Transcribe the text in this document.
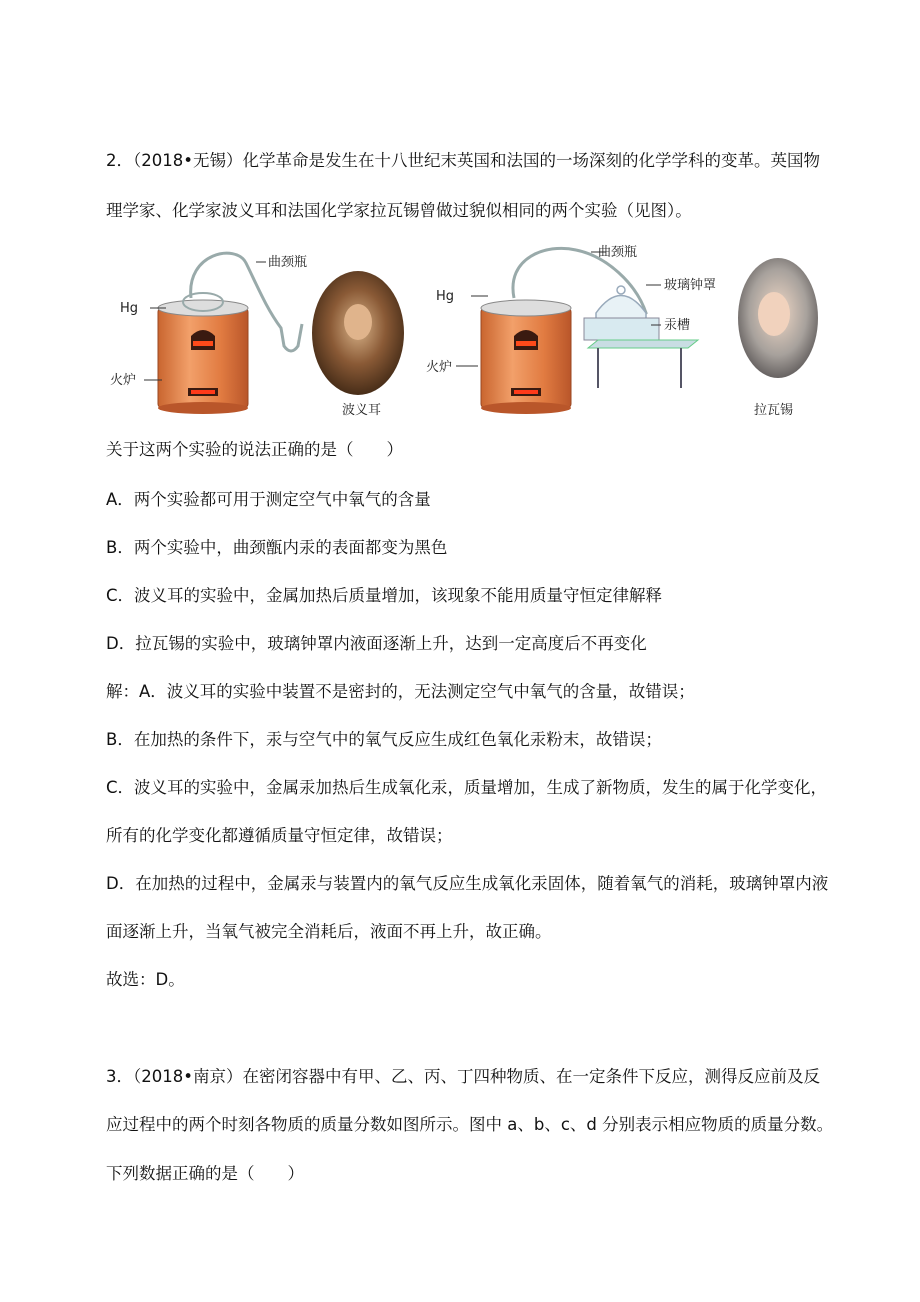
2．（2018•无锡）化学革命是发生在十八世纪末英国和法国的一场深刻的化学学科的变革。英国物
理学家、化学家波义耳和法国化学家拉瓦锡曾做过貌似相同的两个实验（见图）。
曲颈瓶
Hg
火炉
波义耳
曲颈瓶
Hg
火炉
玻璃钟罩
汞槽
拉瓦锡
关于这两个实验的说法正确的是（　　）
A．两个实验都可用于测定空气中氧气的含量
B．两个实验中，曲颈甑内汞的表面都变为黑色
C．波义耳的实验中，金属加热后质量增加，该现象不能用质量守恒定律解释
D．拉瓦锡的实验中，玻璃钟罩内液面逐渐上升，达到一定高度后不再变化
解：A．波义耳的实验中装置不是密封的，无法测定空气中氧气的含量，故错误；
B．在加热的条件下，汞与空气中的氧气反应生成红色氧化汞粉末，故错误；
C．波义耳的实验中，金属汞加热后生成氧化汞，质量增加，生成了新物质，发生的属于化学变化，
所有的化学变化都遵循质量守恒定律，故错误；
D．在加热的过程中，金属汞与装置内的氧气反应生成氧化汞固体，随着氧气的消耗，玻璃钟罩内液
面逐渐上升，当氧气被完全消耗后，液面不再上升，故正确。
故选：D。
3．（2018•南京）在密闭容器中有甲、乙、丙、丁四种物质、在一定条件下反应，测得反应前及反
应过程中的两个时刻各物质的质量分数如图所示。图中 a、b、c、d 分别表示相应物质的质量分数。
下列数据正确的是（　　）
